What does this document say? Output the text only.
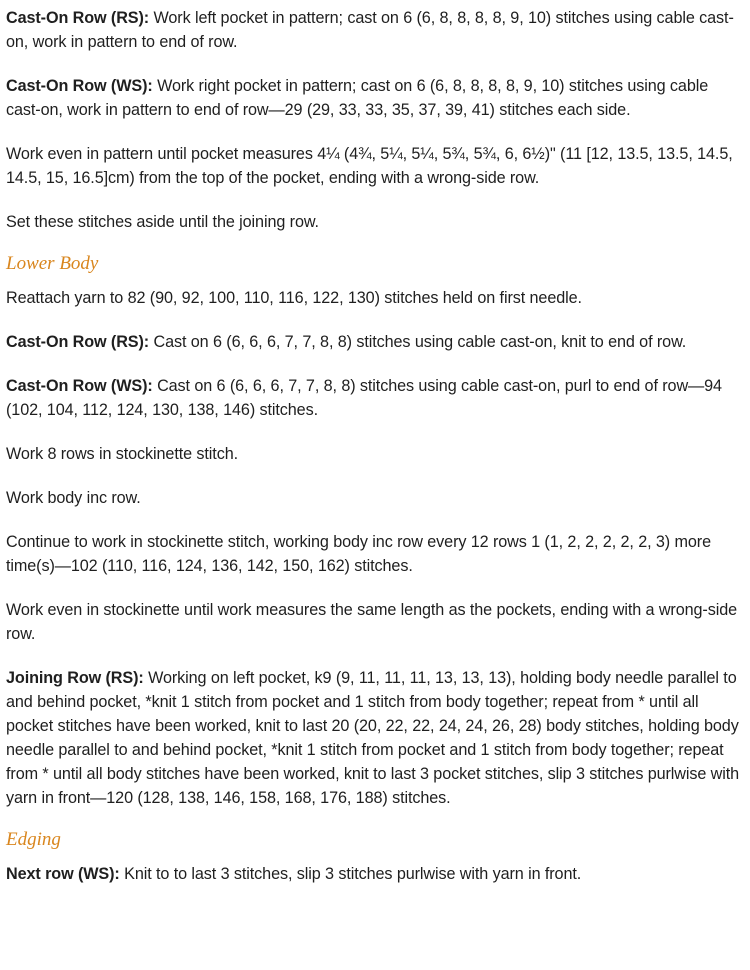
Cast-On Row (RS): Work left pocket in pattern; cast on 6 (6, 8, 8, 8, 8, 9, 10) stitches using cable cast-on, work in pattern to end of row.

Cast-On Row (WS): Work right pocket in pattern; cast on 6 (6, 8, 8, 8, 8, 9, 10) stitches using cable cast-on, work in pattern to end of row—29 (29, 33, 33, 35, 37, 39, 41) stitches each side.

Work even in pattern until pocket measures 4¼ (4¾, 5¼, 5¼, 5¾, 5¾, 6, 6½)" (11 [12, 13.5, 13.5, 14.5, 14.5, 15, 16.5]cm) from the top of the pocket, ending with a wrong-side row.

Set these stitches aside until the joining row.

Lower Body

Reattach yarn to 82 (90, 92, 100, 110, 116, 122, 130) stitches held on first needle.

Cast-On Row (RS): Cast on 6 (6, 6, 6, 7, 7, 8, 8) stitches using cable cast-on, knit to end of row.

Cast-On Row (WS): Cast on 6 (6, 6, 6, 7, 7, 8, 8) stitches using cable cast-on, purl to end of row—94 (102, 104, 112, 124, 130, 138, 146) stitches.

Work 8 rows in stockinette stitch.

Work body inc row.

Continue to work in stockinette stitch, working body inc row every 12 rows 1 (1, 2, 2, 2, 2, 2, 3) more time(s)—102 (110, 116, 124, 136, 142, 150, 162) stitches.

Work even in stockinette until work measures the same length as the pockets, ending with a wrong-side row.

Joining Row (RS): Working on left pocket, k9 (9, 11, 11, 11, 13, 13, 13), holding body needle parallel to and behind pocket, *knit 1 stitch from pocket and 1 stitch from body together; repeat from * until all pocket stitches have been worked, knit to last 20 (20, 22, 22, 24, 24, 26, 28) body stitches, holding body needle parallel to and behind pocket, *knit 1 stitch from pocket and 1 stitch from body together; repeat from * until all body stitches have been worked, knit to last 3 pocket stitches, slip 3 stitches purlwise with yarn in front—120 (128, 138, 146, 158, 168, 176, 188) stitches.

Edging

Next row (WS): Knit to to last 3 stitches, slip 3 stitches purlwise with yarn in front.
